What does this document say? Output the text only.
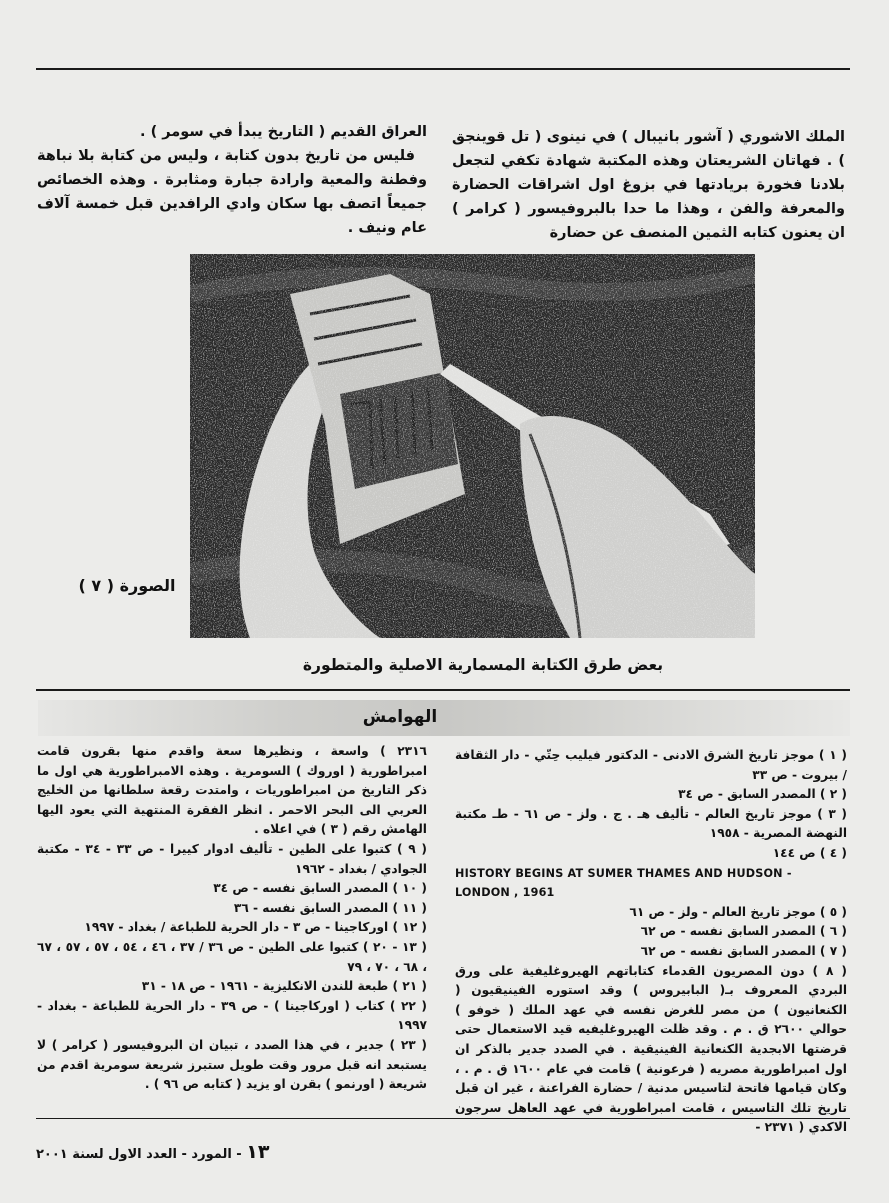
الملك الاشوري ( آشور بانيبال ) في نينوى ( تل قوينجق ) . فهاتان الشريعتان وهذه المكتبة شهادة تكفي لتجعل بلادنا فخورة بريادتها في بزوغ اول اشراقات الحضارة والمعرفة والفن ، وهذا ما حدا بالبروفيسور ( كرامر ) ان يعنون كتابه الثمين المنصف عن حضارة
العراق القديم ( التاريخ يبدأ في سومر ) .
فليس من تاريخ بدون كتابة ، وليس من كتابة بلا نباهة وفطنة والمعية وارادة جبارة ومثابرة . وهذه الخصائص جميعاً اتصف بها سكان وادي الرافدين قبل خمسة آلاف عام ونيف .
الصورة ( ٧ )
بعض طرق الكتابة المسمارية الاصلية والمتطورة
الهوامش

( ١ ) موجز تاريخ الشرق الادنى - الدكتور فيليب حِتّي - دار الثقافة / بيروت - ص ٣٣

( ٢ ) المصدر السابق - ص ٣٤

( ٣ ) موجز تاريخ العالم - تأليف هـ . ج . ولز - ص ٦١ - طـ مكتبة النهضة المصرية - ١٩٥٨

( ٤ ) ص ١٤٤

HISTORY BEGINS AT SUMER THAMES AND HUDSON - LONDON , 1961

( ٥ ) موجز تاريخ العالم - ولز - ص ٦١

( ٦ ) المصدر السابق نفسه - ص ٦٢

( ٧ ) المصدر السابق نفسه - ص ٦٢

( ٨ ) دون المصريون القدماء كتاباتهم الهيروغليفية على ورق البردي المعروف بـ( البابيروس ) وقد استوره الفينيقيون ( الكنعانيون ) من مصر للغرض نفسه في عهد الملك ( خوفو ) حوالي ٢٦٠٠ ق . م . وقد ظلت الهيروغليفيه قيد الاستعمال حتى قرضتها الابجدية الكنعانية الفينيقية . في الصدد جدير بالذكر ان اول امبراطورية مصريه ( فرعونية ) قامت في عام ١٦٠٠ ق . م . ، وكان قيامها فاتحة لتاسيس مدنية / حضارة الفراعنة ، غير ان قبل تاريخ تلك التاسيس ، قامت امبراطورية في عهد العاهل سرجون الاكدي ( ٢٣٧١ -

٢٣١٦ ) واسعة ، ونظيرها سعة واقدم منها بقرون قامت امبراطورية ( اوروك ) السومرية . وهذه الامبراطورية هي اول ما ذكر التاريخ من امبراطوريات ، وامتدت رقعة سلطانها من الخليج العربي الى البحر الاحمر . انظر الفقرة المنتهية التي يعود اليها الهامش رقم ( ٣ ) في اعلاه .

( ٩ ) كتبوا على الطين - تأليف ادوار كييرا - ص ٣٣ - ٣٤ - مكتبة الجوادي / بغداد - ١٩٦٢

( ١٠ ) المصدر السابق نفسه - ص ٣٤

( ١١ ) المصدر السابق نفسه - ٣٦

( ١٢ ) اوركاجينا - ص ٣ - دار الحرية للطباعة / بغداد - ١٩٩٧

( ١٣ - ٢٠ ) كتبوا على الطين - ص ٣٦ / ٣٧ ، ٤٦ ، ٥٤ ، ٥٧ ، ٥٧ ، ٦٧ ، ٦٨ ، ٧٠ ، ٧٩

( ٢١ ) طبعة للندن الانكليزية - ١٩٦١ - ص ١٨ - ٣١

( ٢٢ ) كتاب ( اوركاجينا ) - ص ٣٩ - دار الحرية للطباعة - بغداد - ١٩٩٧

( ٢٣ ) جدير ، في هذا الصدد ، تبيان ان البروفيسور ( كرامر ) لا يستبعد انه قبل مرور وقت طويل ستبرز شريعة سومرية اقدم من شريعة ( اورنمو ) بقرن او يزيد ( كتابه ص ٩٦ ) .

١٣ - المورد - العدد الاول لسنة ٢٠٠١
